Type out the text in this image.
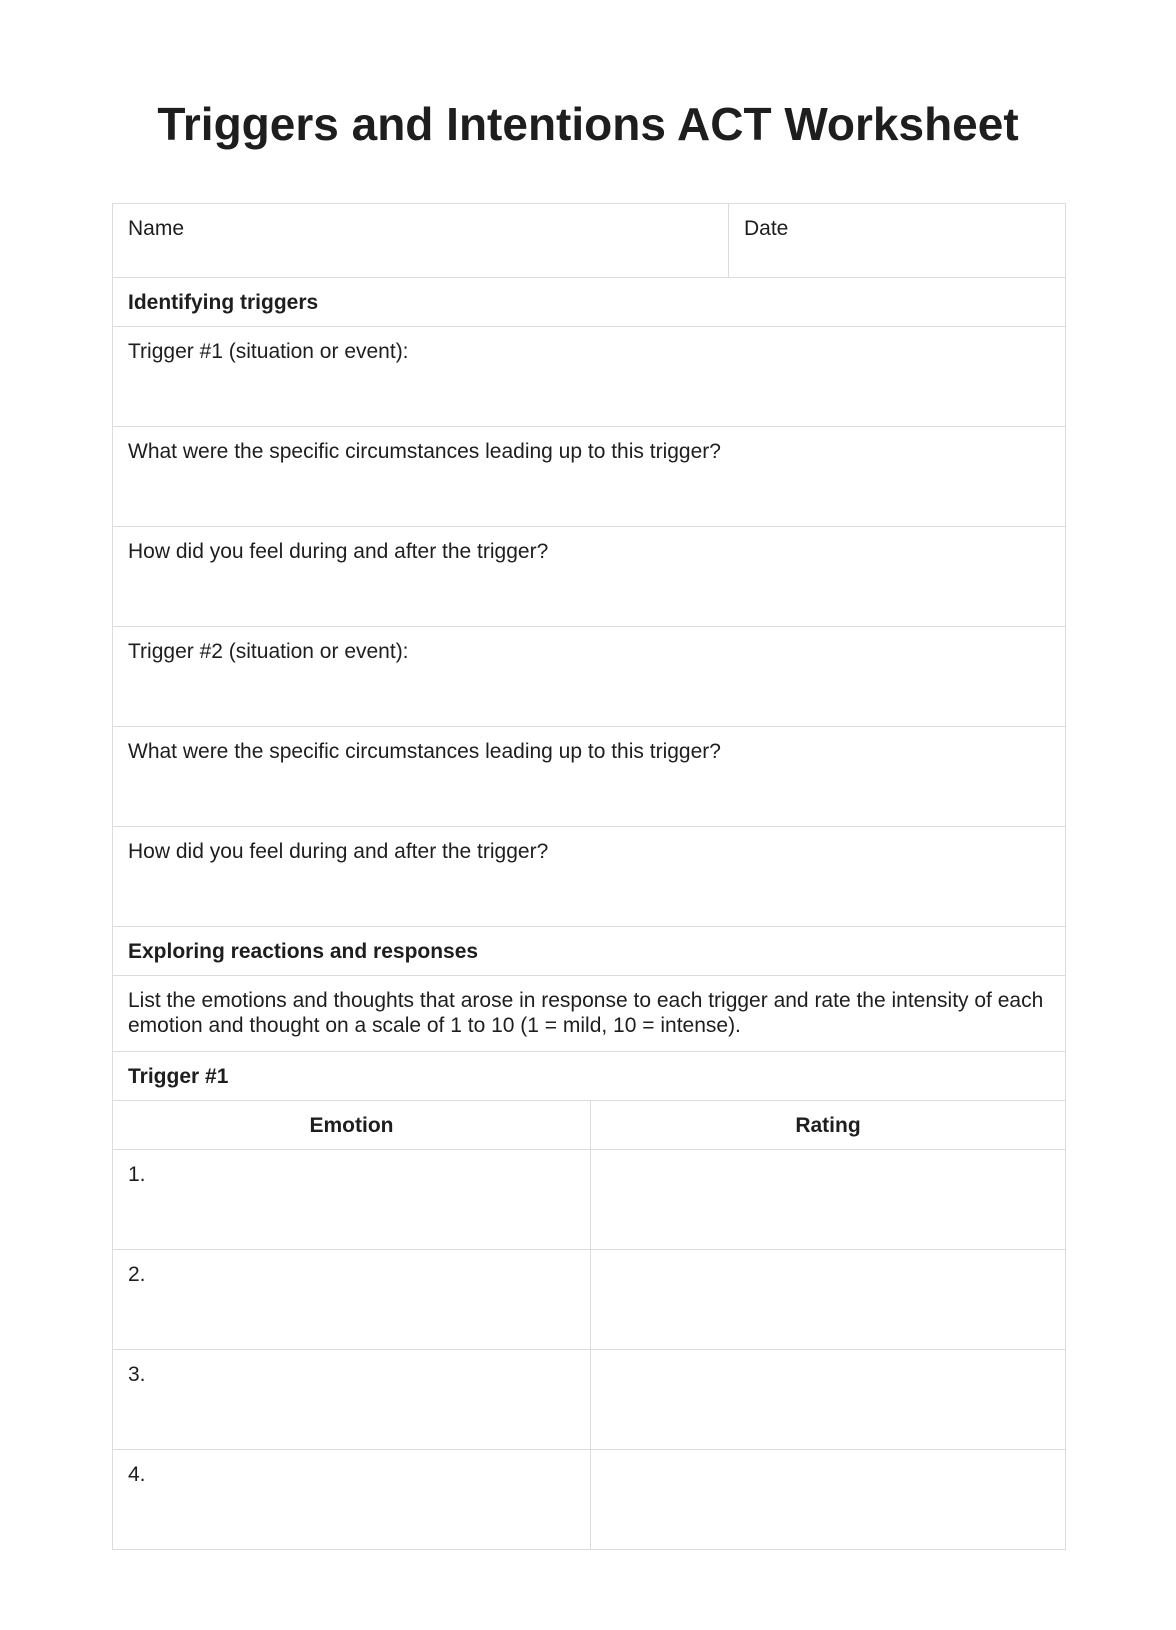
Triggers and Intentions ACT Worksheet
Name	Date
Identifying triggers
Trigger #1 (situation or event):
What were the specific circumstances leading up to this trigger?
How did you feel during and after the trigger?
Trigger #2 (situation or event):
What were the specific circumstances leading up to this trigger?
How did you feel during and after the trigger?
Exploring reactions and responses
List the emotions and thoughts that arose in response to each trigger and rate the intensity of each emotion and thought on a scale of 1 to 10 (1 = mild, 10 = intense).
Trigger #1
Emotion	Rating
1.
2.
3.
4.
